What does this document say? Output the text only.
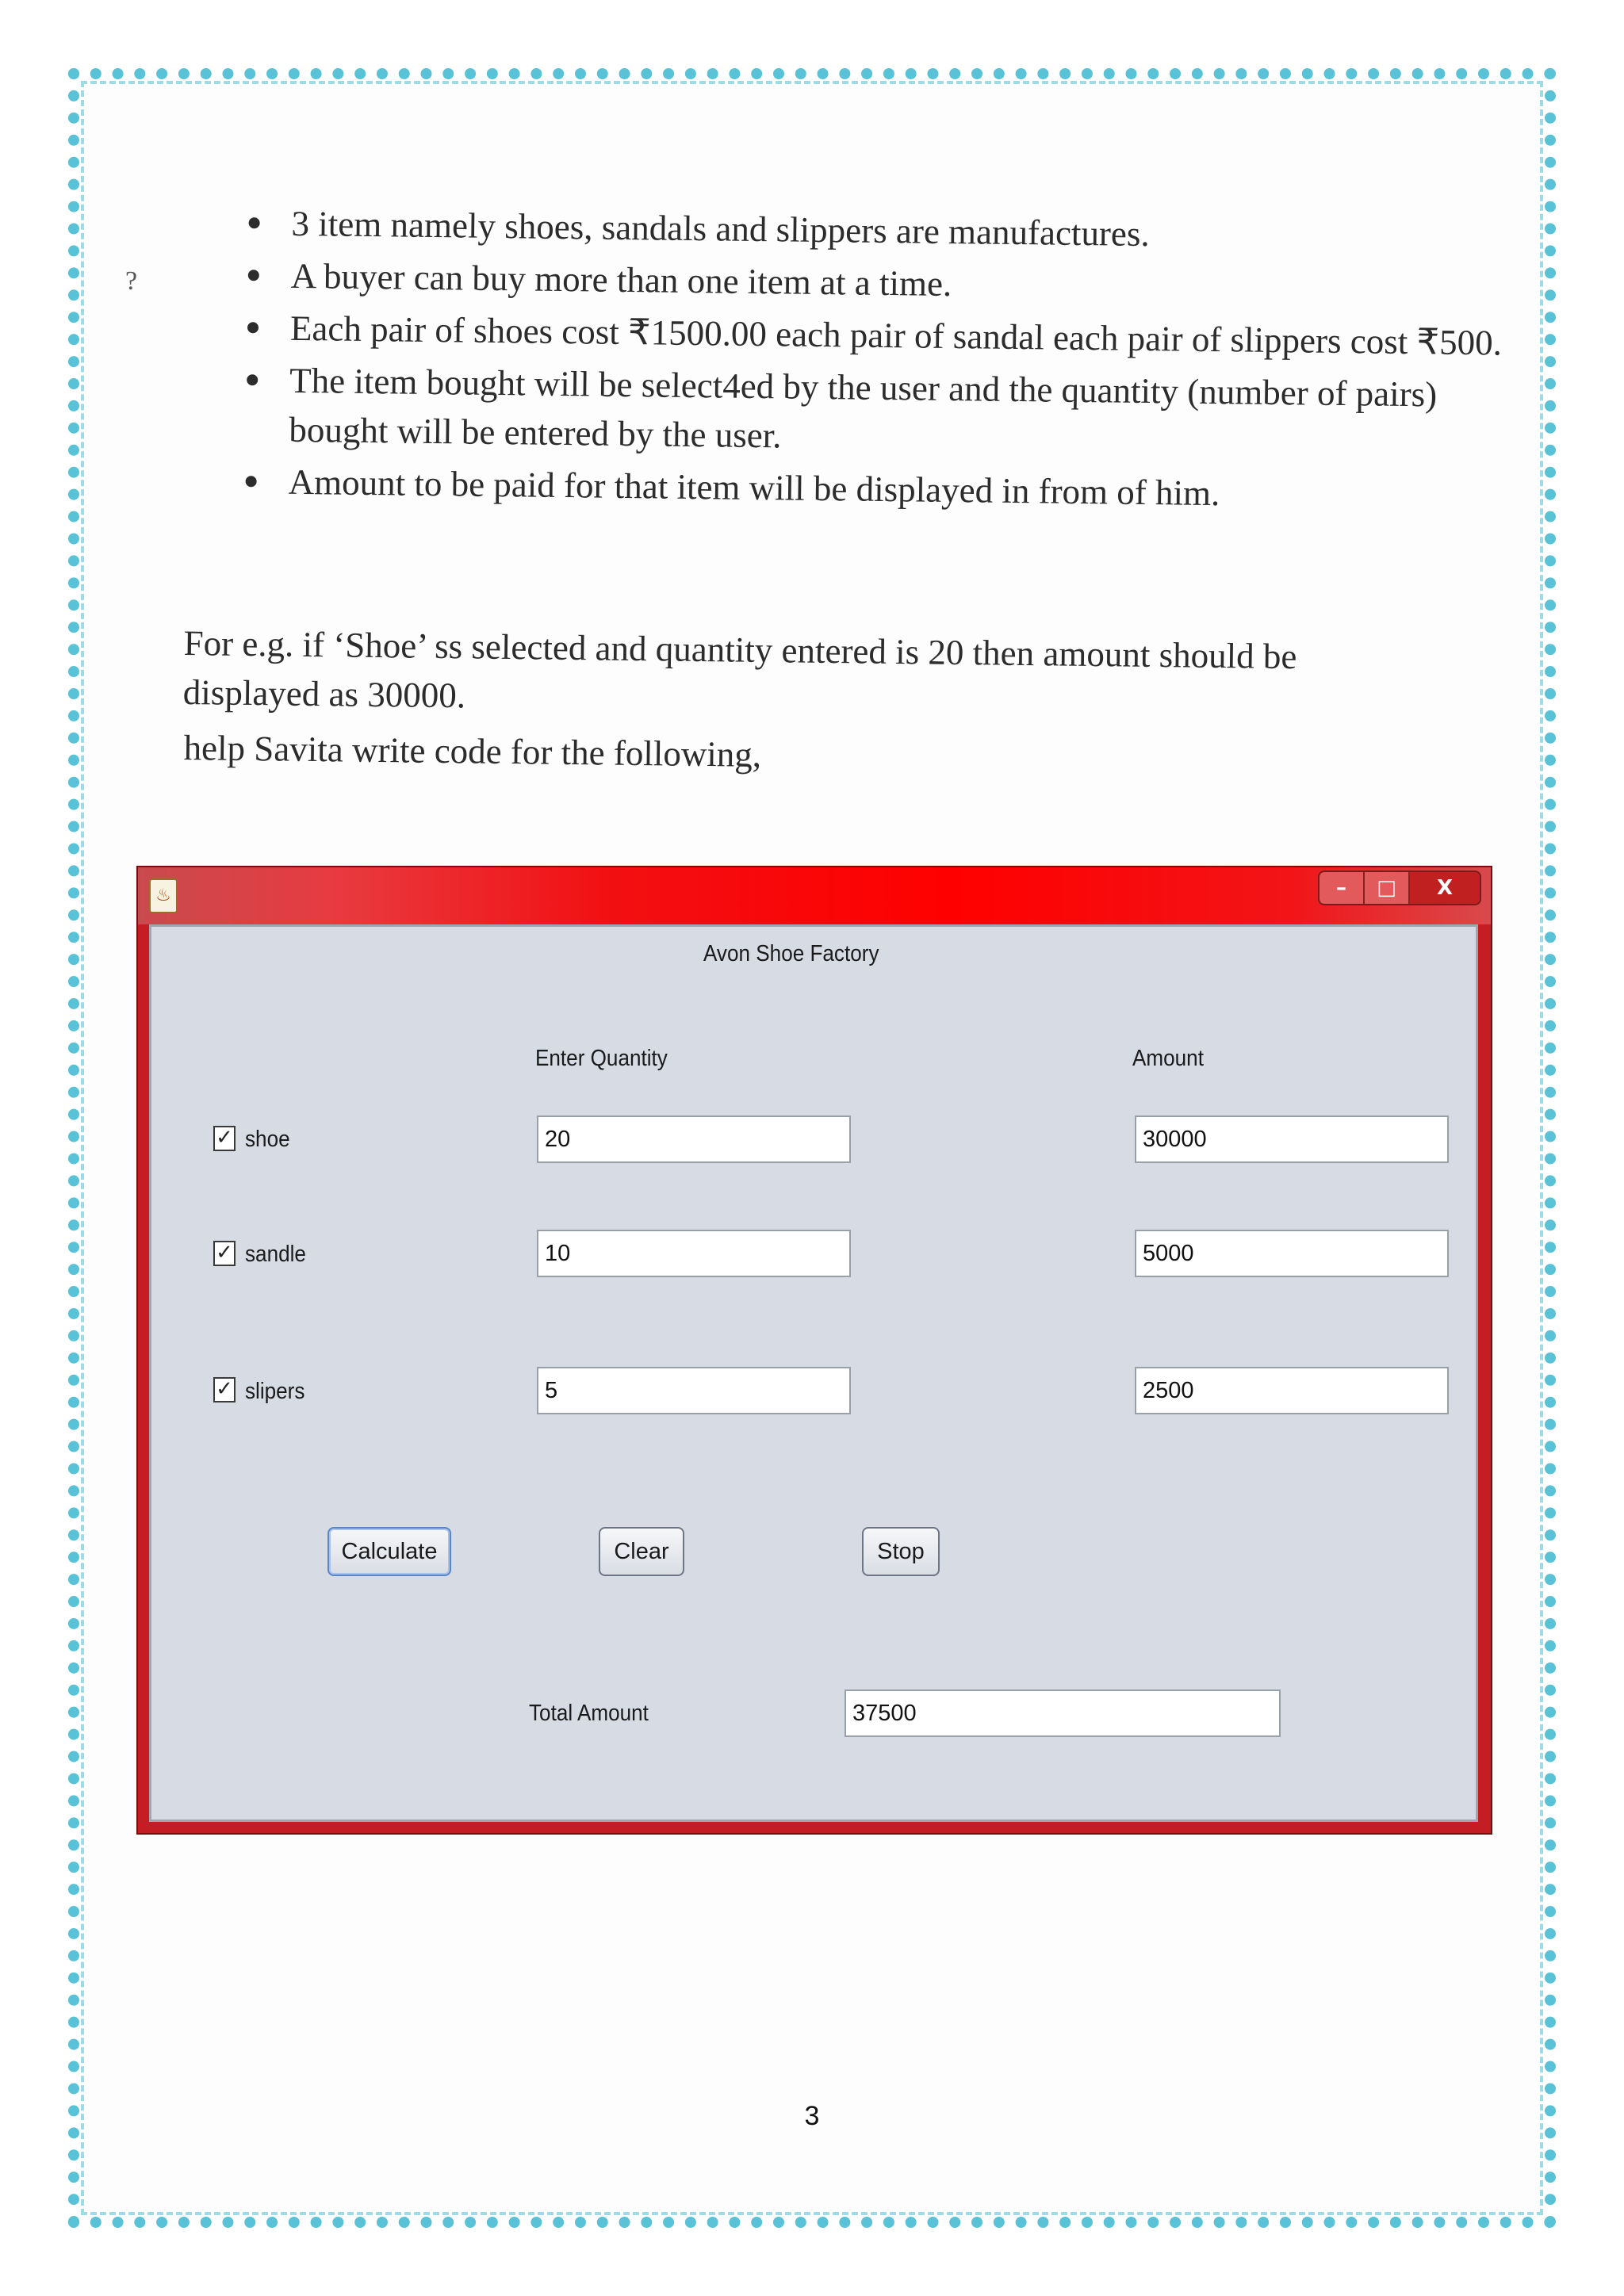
?
3 item namely shoes, sandals and slippers are manufactures.
A buyer can buy more than one item at a time.
Each pair of shoes cost ₹1500.00 each pair of sandal each pair of slippers cost ₹500.
The item bought will be select4ed by the user and the quantity (number of pairs) bought will be entered by the user.
Amount to be paid for that item will be displayed in from of him.

For e.g. if ‘Shoe’ ss selected and quantity entered is 20 then amount should be displayed as 30000.

help Savita write code for the following,

♨	–	□	X
Avon Shoe Factory
Enter Quantity	Amount
✓ shoe	20	30000
✓ sandle	10	5000
✓ slipers	5	2500
Calculate	Clear	Stop
Total Amount	37500
3
